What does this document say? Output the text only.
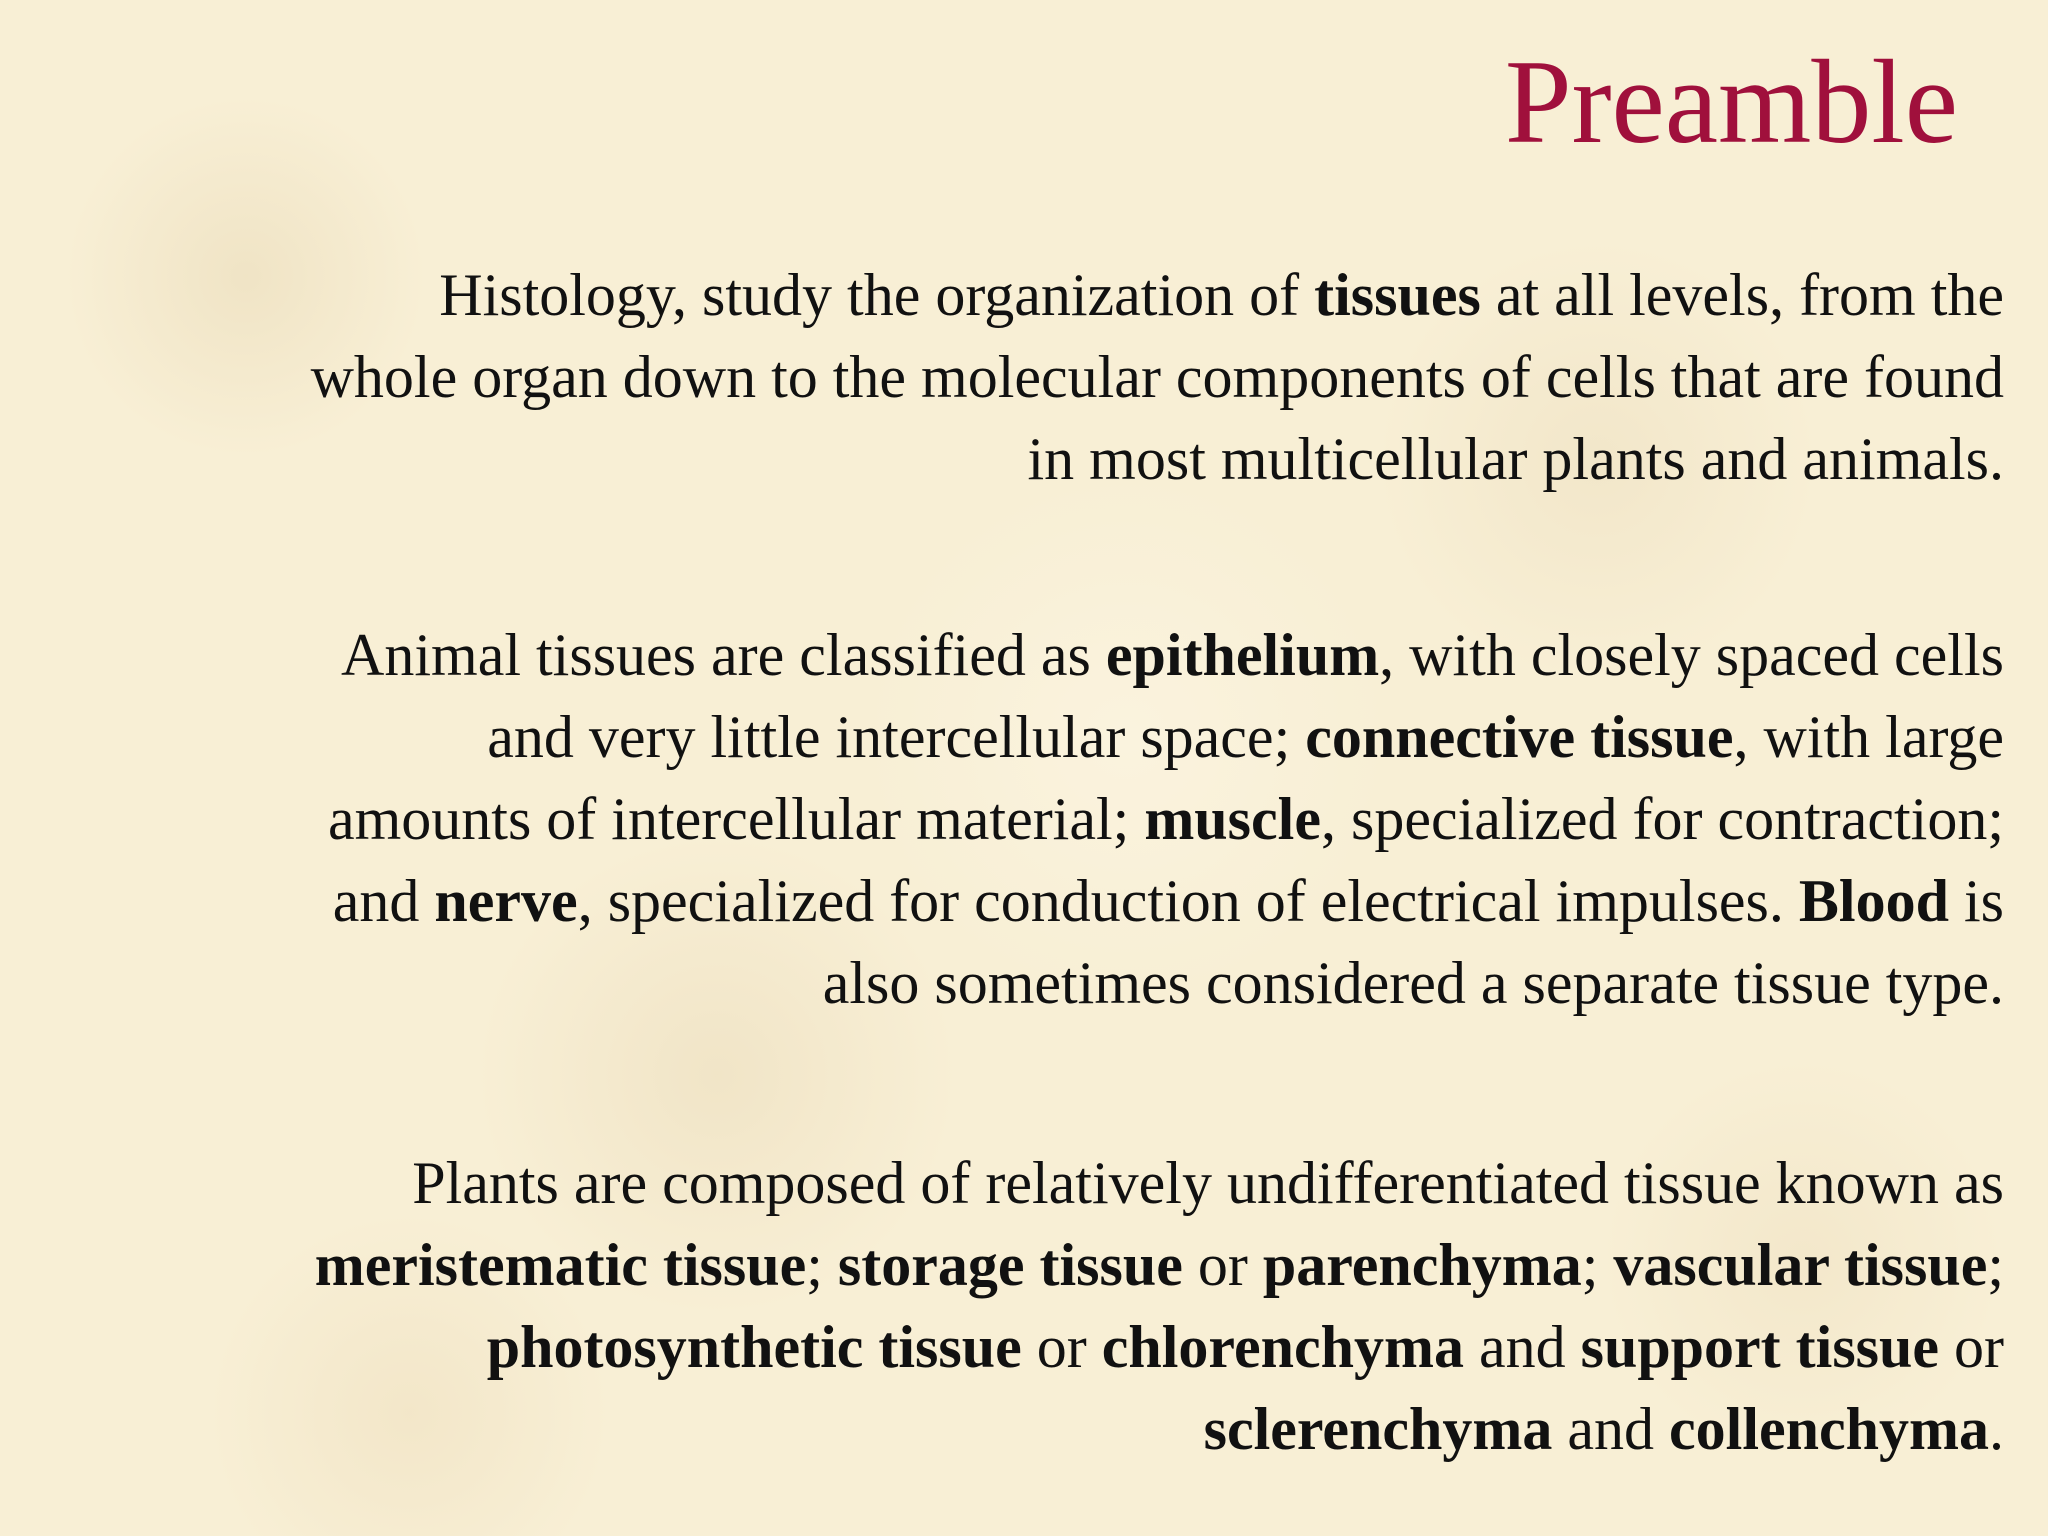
Preamble

Histology, study the organization of tissues at all levels, from the
whole organ down to the molecular components of cells that are found
in most multicellular plants and animals.

Animal tissues are classified as epithelium, with closely spaced cells
and very little intercellular space; connective tissue, with large
amounts of intercellular material; muscle, specialized for contraction;
and nerve, specialized for conduction of electrical impulses. Blood is
also sometimes considered a separate tissue type.

Plants are composed of relatively undifferentiated tissue known as
meristematic tissue; storage tissue or parenchyma; vascular tissue;
photosynthetic tissue or chlorenchyma and support tissue or
sclerenchyma and collenchyma.
